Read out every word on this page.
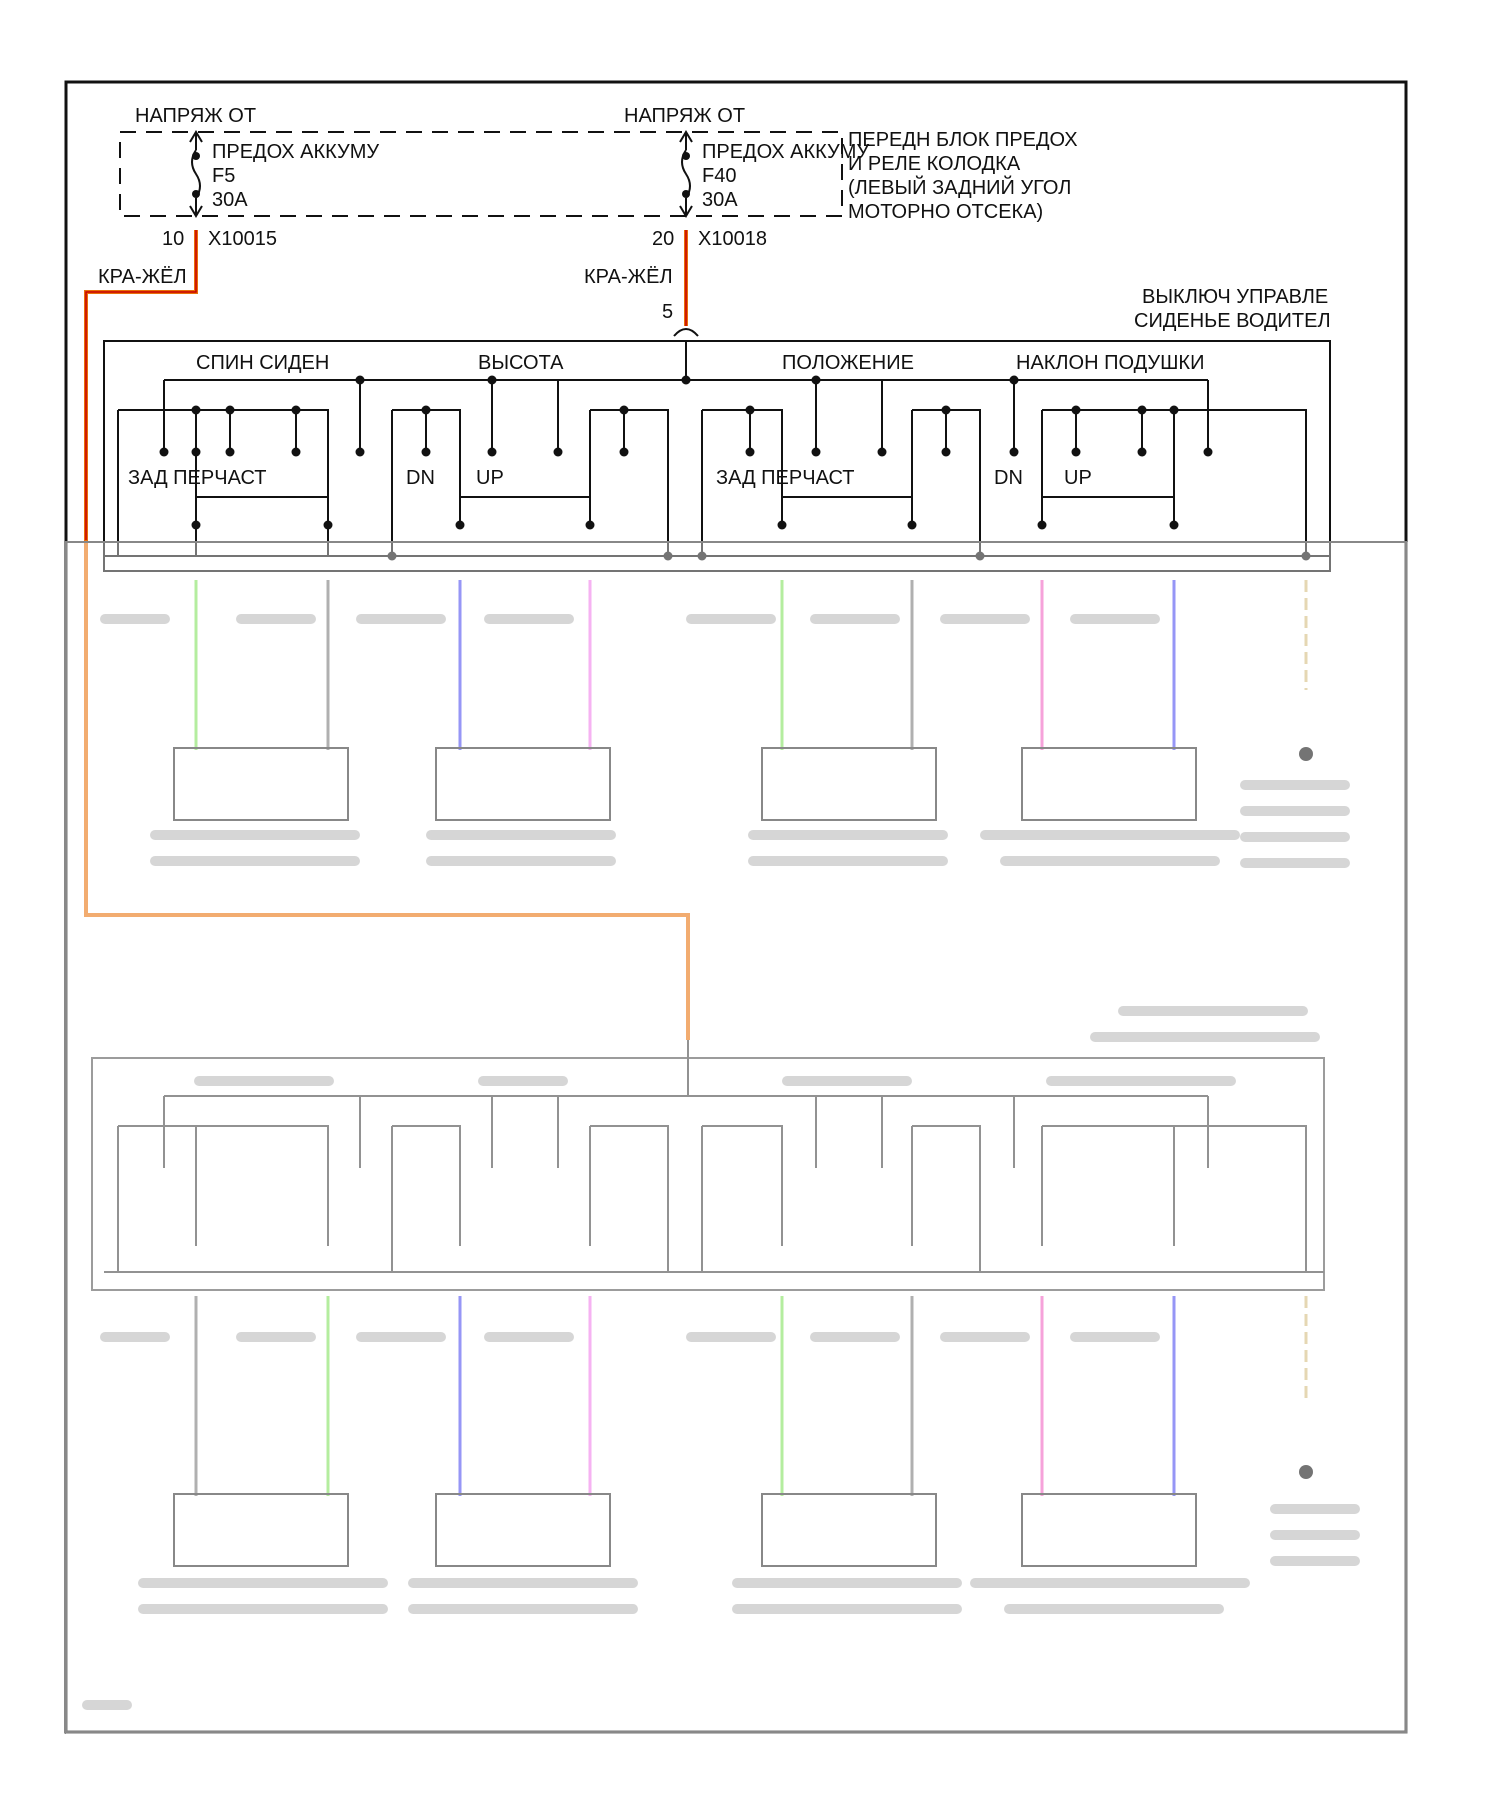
НАПРЯЖ ОТ
ПРЕДОХ АККУМУ
F5
30A
10 X10015
КРА-ЖЁЛ
НАПРЯЖ ОТ
ПРЕДОХ АККУМУ
F40
30A
20 X10018
КРА-ЖЁЛ
5
ПЕРЕДН БЛОК ПРЕДОХ
И РЕЛЕ КОЛОДКА
(ЛЕВЫЙ ЗАДНИЙ УГОЛ
МОТОРНО ОТСЕКА)
ВЫКЛЮЧ УПРАВЛЕ
СИДЕНЬЕ ВОДИТЕЛ
СПИН СИДЕН	ВЫСОТА	ПОЛОЖЕНИЕ	НАКЛОН ПОДУШКИ
ЗАД ПЕРЧАСТ	DN UP	ЗАД ПЕРЧАСТ	DN UP
